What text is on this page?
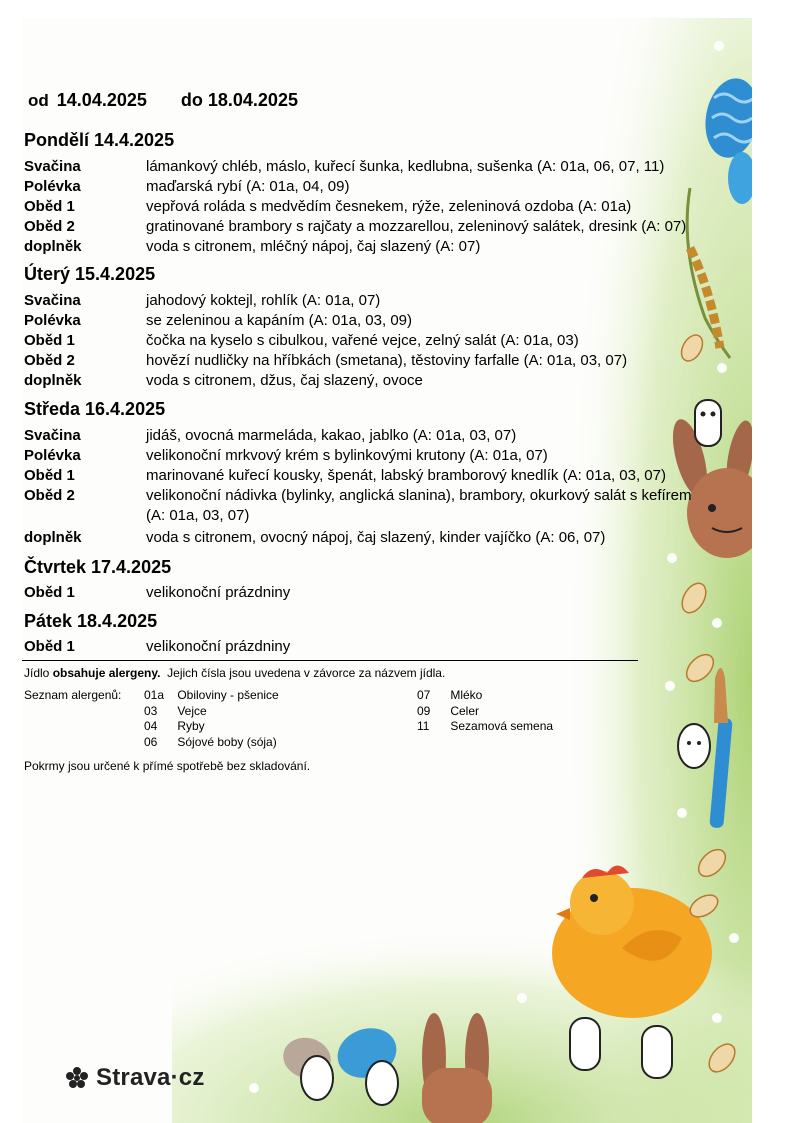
od 14.04.2025 do 18.04.2025
Pondělí 14.4.2025
Svačina	lámankový chléb, máslo, kuřecí šunka, kedlubna, sušenka (A: 01a, 06, 07, 11)
Polévka	maďarská rybí (A: 01a, 04, 09)
Oběd 1	vepřová roláda s medvědím česnekem, rýže, zeleninová ozdoba (A: 01a)
Oběd 2	gratinované brambory s rajčaty a mozzarellou, zeleninový salátek, dresink (A: 07)
doplněk	voda s citronem, mléčný nápoj, čaj slazený (A: 07)
Úterý 15.4.2025
Svačina	jahodový koktejl, rohlík (A: 01a, 07)
Polévka	se zeleninou a kapáním (A: 01a, 03, 09)
Oběd 1	čočka na kyselo s cibulkou, vařené vejce, zelný salát (A: 01a, 03)
Oběd 2	hovězí nudličky na hříbkách (smetana), těstoviny farfalle (A: 01a, 03, 07)
doplněk	voda s citronem, džus, čaj slazený, ovoce
Středa 16.4.2025
Svačina	jidáš, ovocná marmeláda, kakao, jablko (A: 01a, 03, 07)
Polévka	velikonoční mrkvový krém s bylinkovými krutony (A: 01a, 07)
Oběd 1	marinované kuřecí kousky, špenát, labský bramborový knedlík (A: 01a, 03, 07)
Oběd 2	velikonoční nádivka (bylinky, anglická slanina), brambory, okurkový salát s kefírem
(A: 01a, 03, 07)
doplněk	voda s citronem, ovocný nápoj, čaj slazený, kinder vajíčko (A: 06, 07)
Čtvrtek 17.4.2025
Oběd 1	velikonoční prázdniny
Pátek 18.4.2025
Oběd 1	velikonoční prázdniny
Jídlo obsahuje alergeny.  Jejich čísla jsou uvedena v závorce za názvem jídla.
Seznam alergenů: 01a Obiloviny - pšenice
03 Vejce
04 Ryby
06 Sójové boby (sója)
07 Mléko
09 Celer
11 Sezamová semena
Pokrmy jsou určené k přímé spotřebě bez skladování.
Strava·cz
